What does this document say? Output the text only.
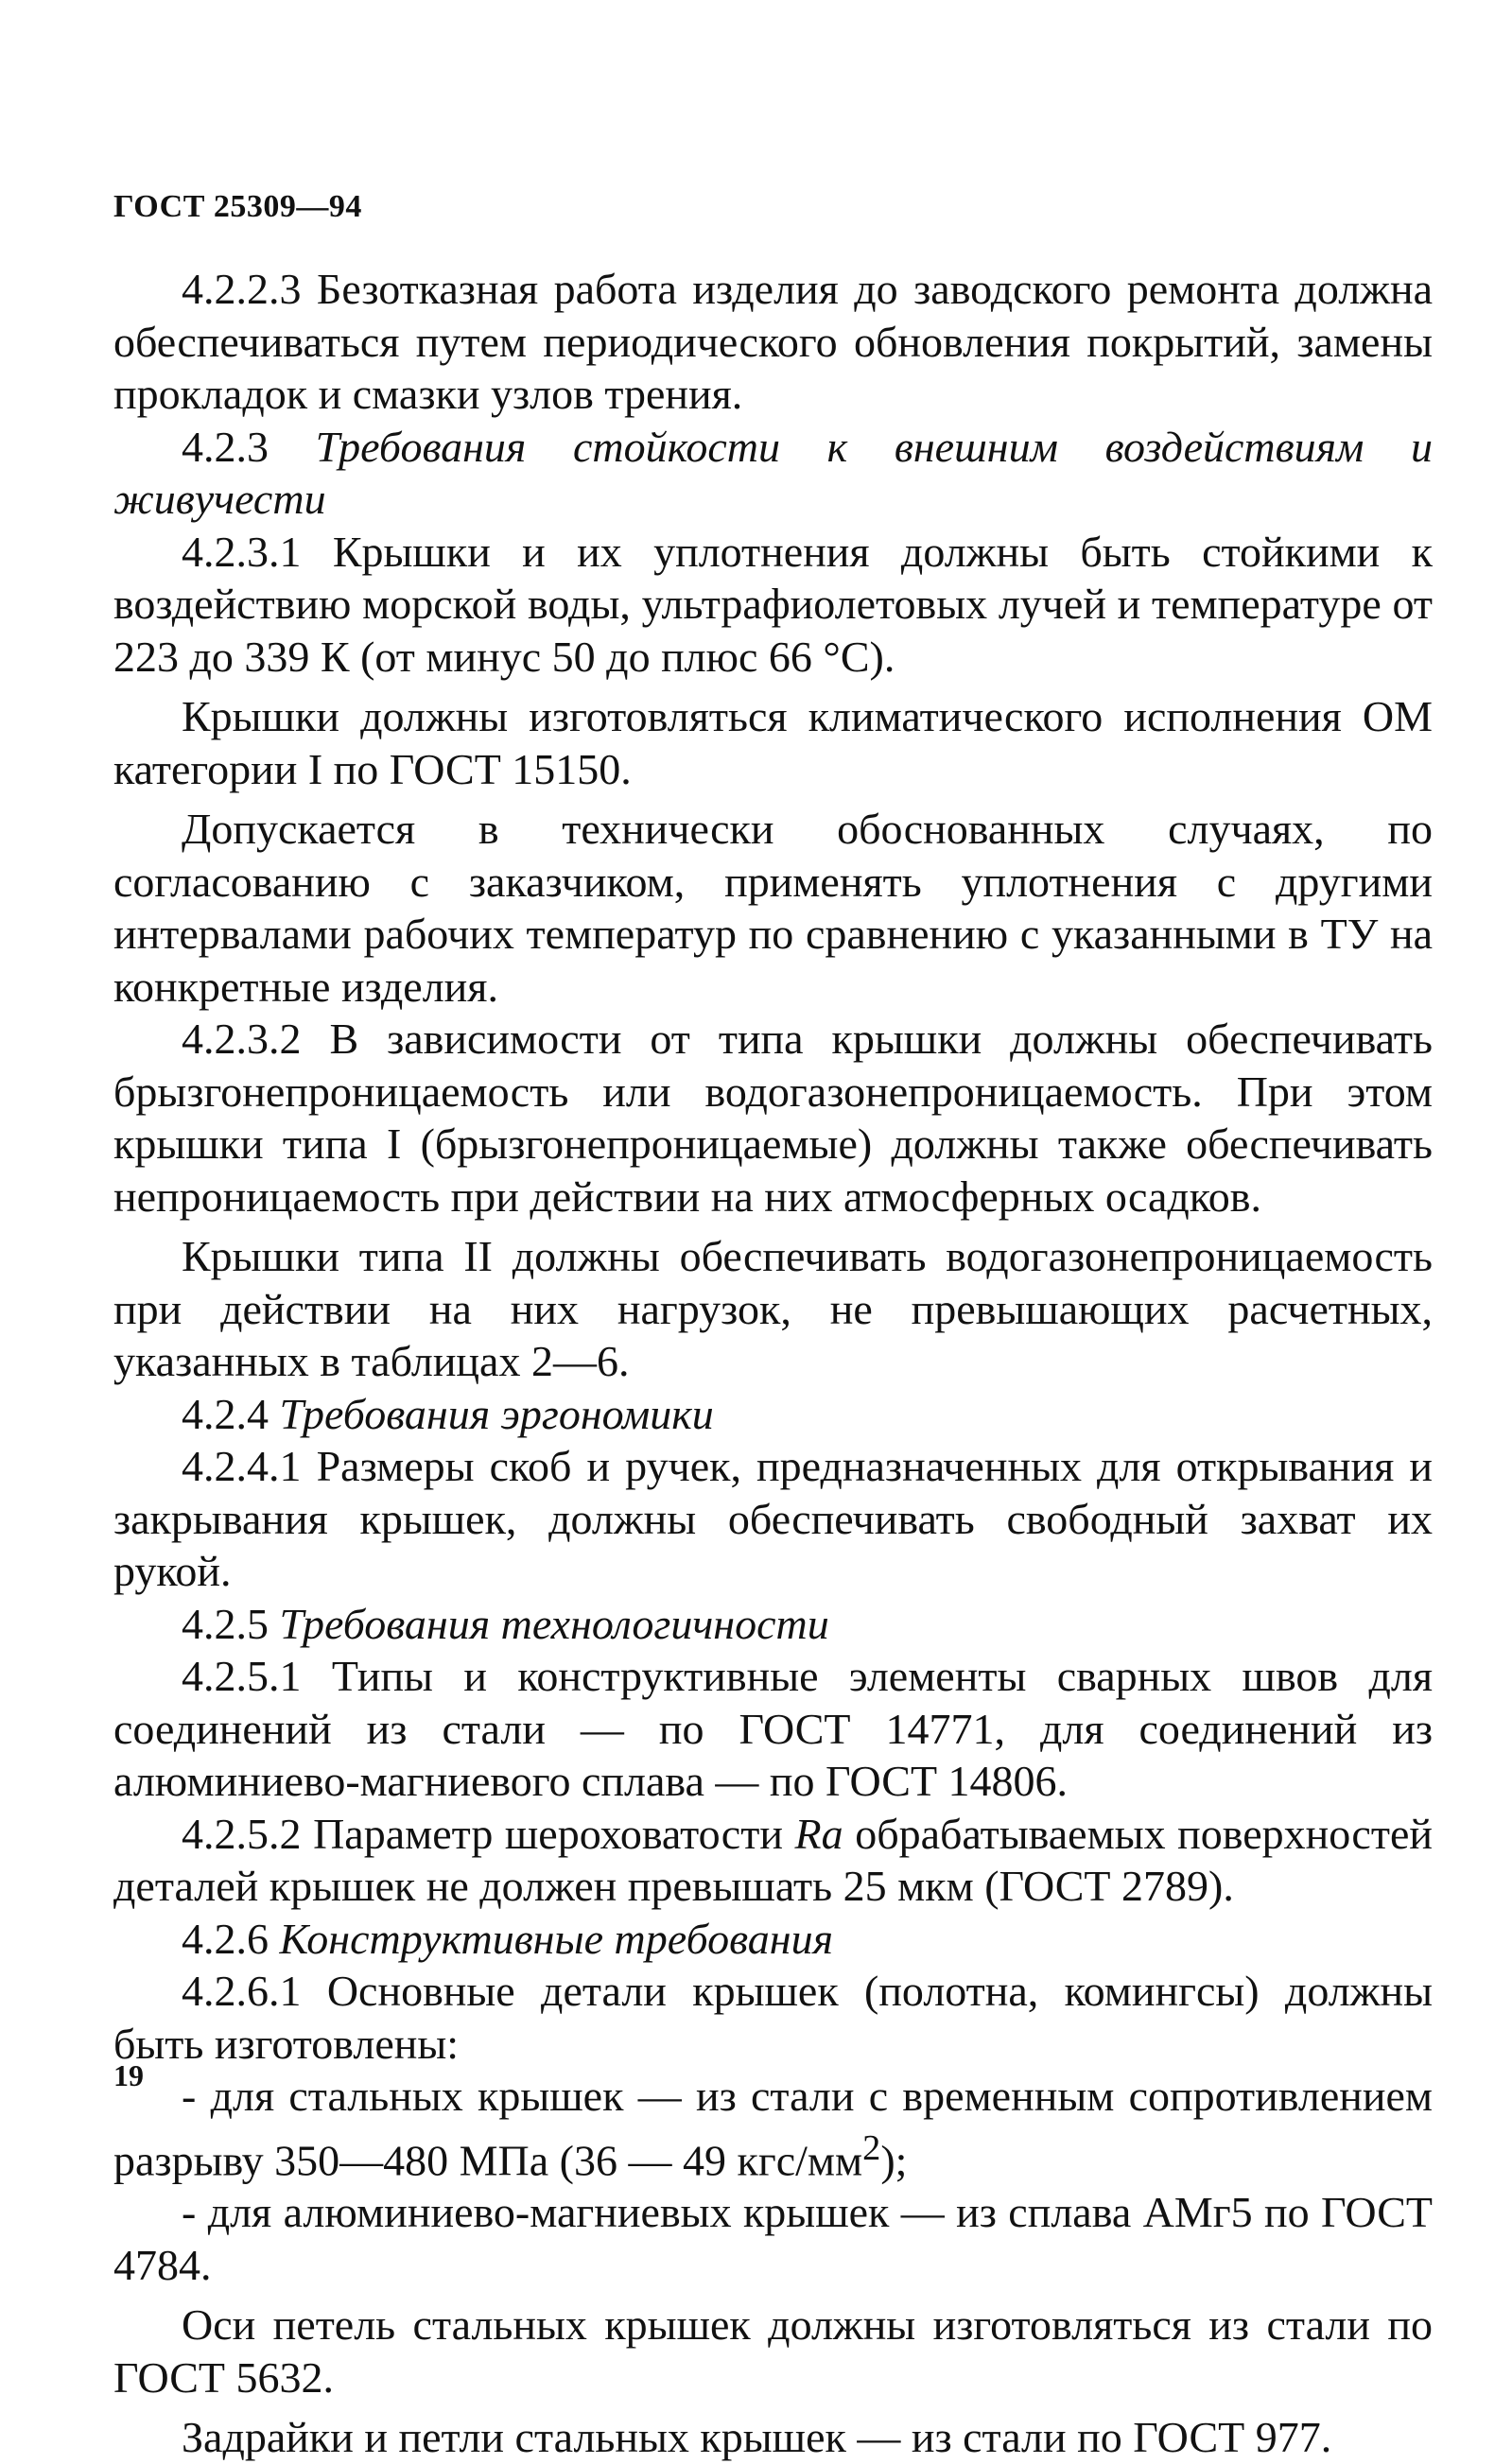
ГОСТ 25309—94

4.2.2.3 Безотказная работа изделия до заводского ремонта должна обеспечиваться путем периодического обновления покрытий, замены прокладок и смазки узлов трения.

4.2.3 Требования стойкости к внешним воздействиям и живучести

4.2.3.1 Крышки и их уплотнения должны быть стойкими к воздействию морской воды, ультрафиолетовых лучей и температуре от 223 до 339 К (от минус 50 до плюс 66 °С).

Крышки должны изготовляться климатического исполнения ОМ категории I по ГОСТ 15150.

Допускается в технически обоснованных случаях, по согласованию с заказчиком, применять уплотнения с другими интервалами рабочих температур по сравнению с указанными в ТУ на конкретные изделия.

4.2.3.2 В зависимости от типа крышки должны обеспечивать брызгонепроницаемость или водогазонепроницаемость. При этом крышки типа I (брызгонепроницаемые) должны также обеспечивать непроницаемость при действии на них атмосферных осадков.

Крышки типа II должны обеспечивать водогазонепроницаемость при действии на них нагрузок, не превышающих расчетных, указанных в таблицах 2—6.

4.2.4 Требования эргономики

4.2.4.1 Размеры скоб и ручек, предназначенных для открывания и закрывания крышек, должны обеспечивать свободный захват их рукой.

4.2.5 Требования технологичности

4.2.5.1 Типы и конструктивные элементы сварных швов для соединений из стали — по ГОСТ 14771, для соединений из алюминиево-магниевого сплава — по ГОСТ 14806.

4.2.5.2 Параметр шероховатости Ra обрабатываемых поверхностей деталей крышек не должен превышать 25 мкм (ГОСТ 2789).

4.2.6 Конструктивные требования

4.2.6.1 Основные детали крышек (полотна, комингсы) должны быть изготовлены:

- для стальных крышек — из стали с временным сопротивлением разрыву 350—480 МПа (36 — 49 кгс/$мм^2$);

- для алюминиево-магниевых крышек — из сплава АМг5 по ГОСТ 4784.

Оси петель стальных крышек должны изготовляться из стали по ГОСТ 5632.

Задрайки и петли стальных крышек — из стали по ГОСТ 977.

19
